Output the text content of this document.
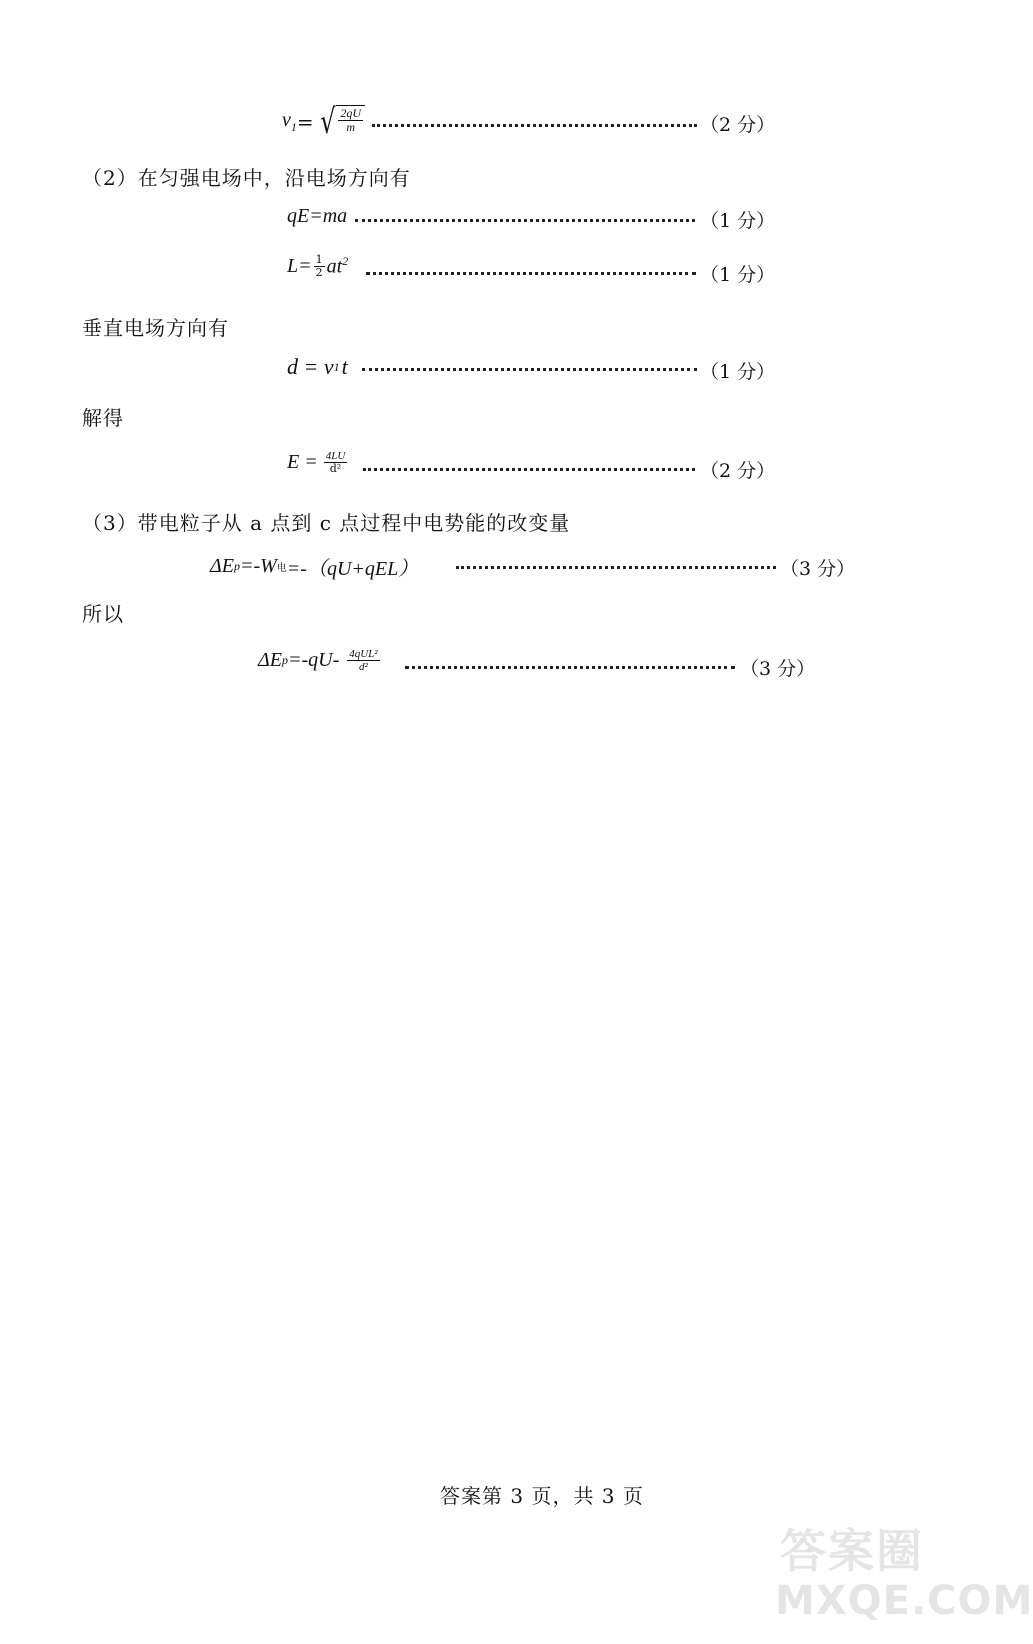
$v_1$ = √ $\frac{2qU}{m}$	（2 分）
（2）在匀强电场中，沿电场方向有
qE=ma	（1 分）
$L= \frac{1}{2} at^2$
（1 分）
垂直电场方向有
d = v 1 t	（1 分）
解得
$E = \frac{4LU}{\text{d²}}$	（2 分）
（3）带电粒子从 a 点到 c 点过程中电势能的改变量
ΔE p =-W 电 =-（qU+qEL）	（3 分）
所以
ΔE $p =-qU- \frac{\text{4qUL²}}{\text{d²}}$	（3 分）
答案第 3 页，共 3 页
答案圈
MXQE.COM
